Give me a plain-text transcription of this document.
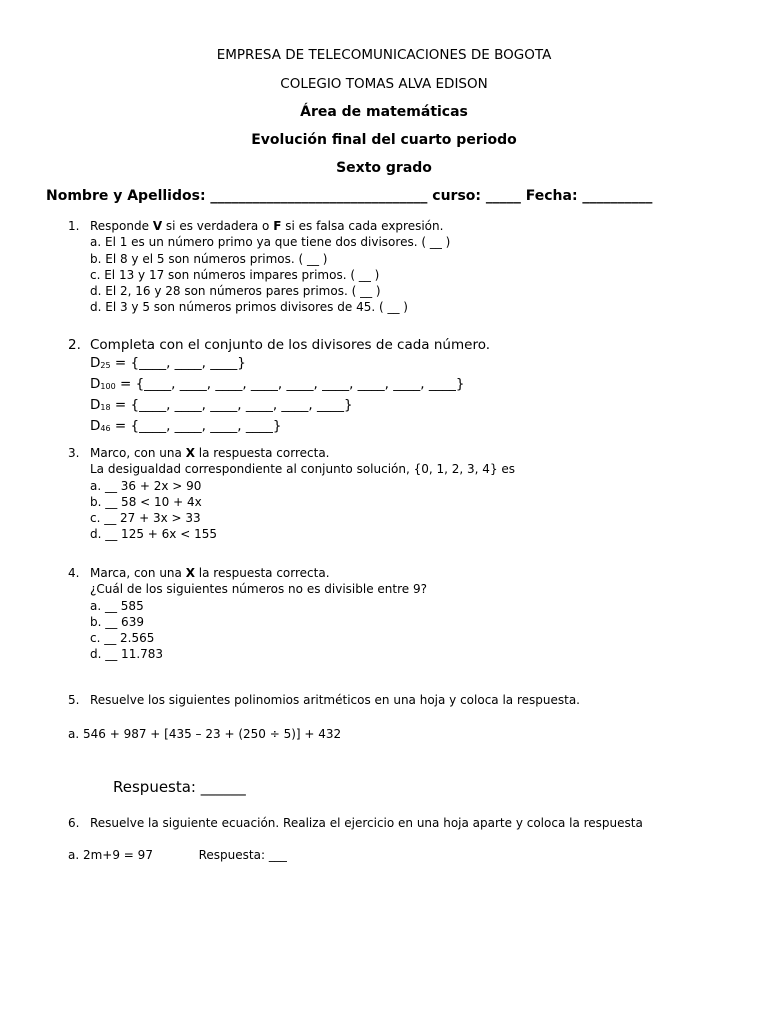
EMPRESA DE TELECOMUNICACIONES DE BOGOTA
COLEGIO TOMAS ALVA EDISON
Área de matemáticas
Evolución final del cuarto periodo
Sexto grado
Nombre y Apellidos: _______________________________ curso: _____ Fecha: __________
1. Responde V si es verdadera o F si es falsa cada expresión.
a. El 1 es un número primo ya que tiene dos divisores. ( __ )
b. El 8 y el 5 son números primos. ( __ )
c. El 13 y 17 son números impares primos. ( __ )
d. El 2, 16 y 28 son números pares primos. ( __ )
d. El 3 y 5 son números primos divisores de 45. ( __ )
2. Completa con el conjunto de los divisores de cada número.
D25 = {____, ____, ____}
D100 = {____, ____, ____, ____, ____, ____, ____, ____, ____}
D18 = {____, ____, ____, ____, ____, ____}
D46 = {____, ____, ____, ____}
3. Marco, con una X la respuesta correcta.
La desigualdad correspondiente al conjunto solución, {0, 1, 2, 3, 4} es
a. __ 36 + 2x > 90
b. __ 58 < 10 + 4x
c. __ 27 + 3x > 33
d. __ 125 + 6x < 155
4. Marca, con una X la respuesta correcta.
¿Cuál de los siguientes números no es divisible entre 9?
a. __ 585
b. __ 639
c. __ 2.565
d. __ 11.783
5. Resuelve los siguientes polinomios aritméticos en una hoja y coloca la respuesta.
a. 546 + 987 + [435 – 23 + (250 ÷ 5)] + 432
Respuesta: ______
6. Resuelve la siguiente ecuación. Realiza el ejercicio en una hoja aparte y coloca la respuesta
a. 2m+9 = 97	Respuesta: ___
